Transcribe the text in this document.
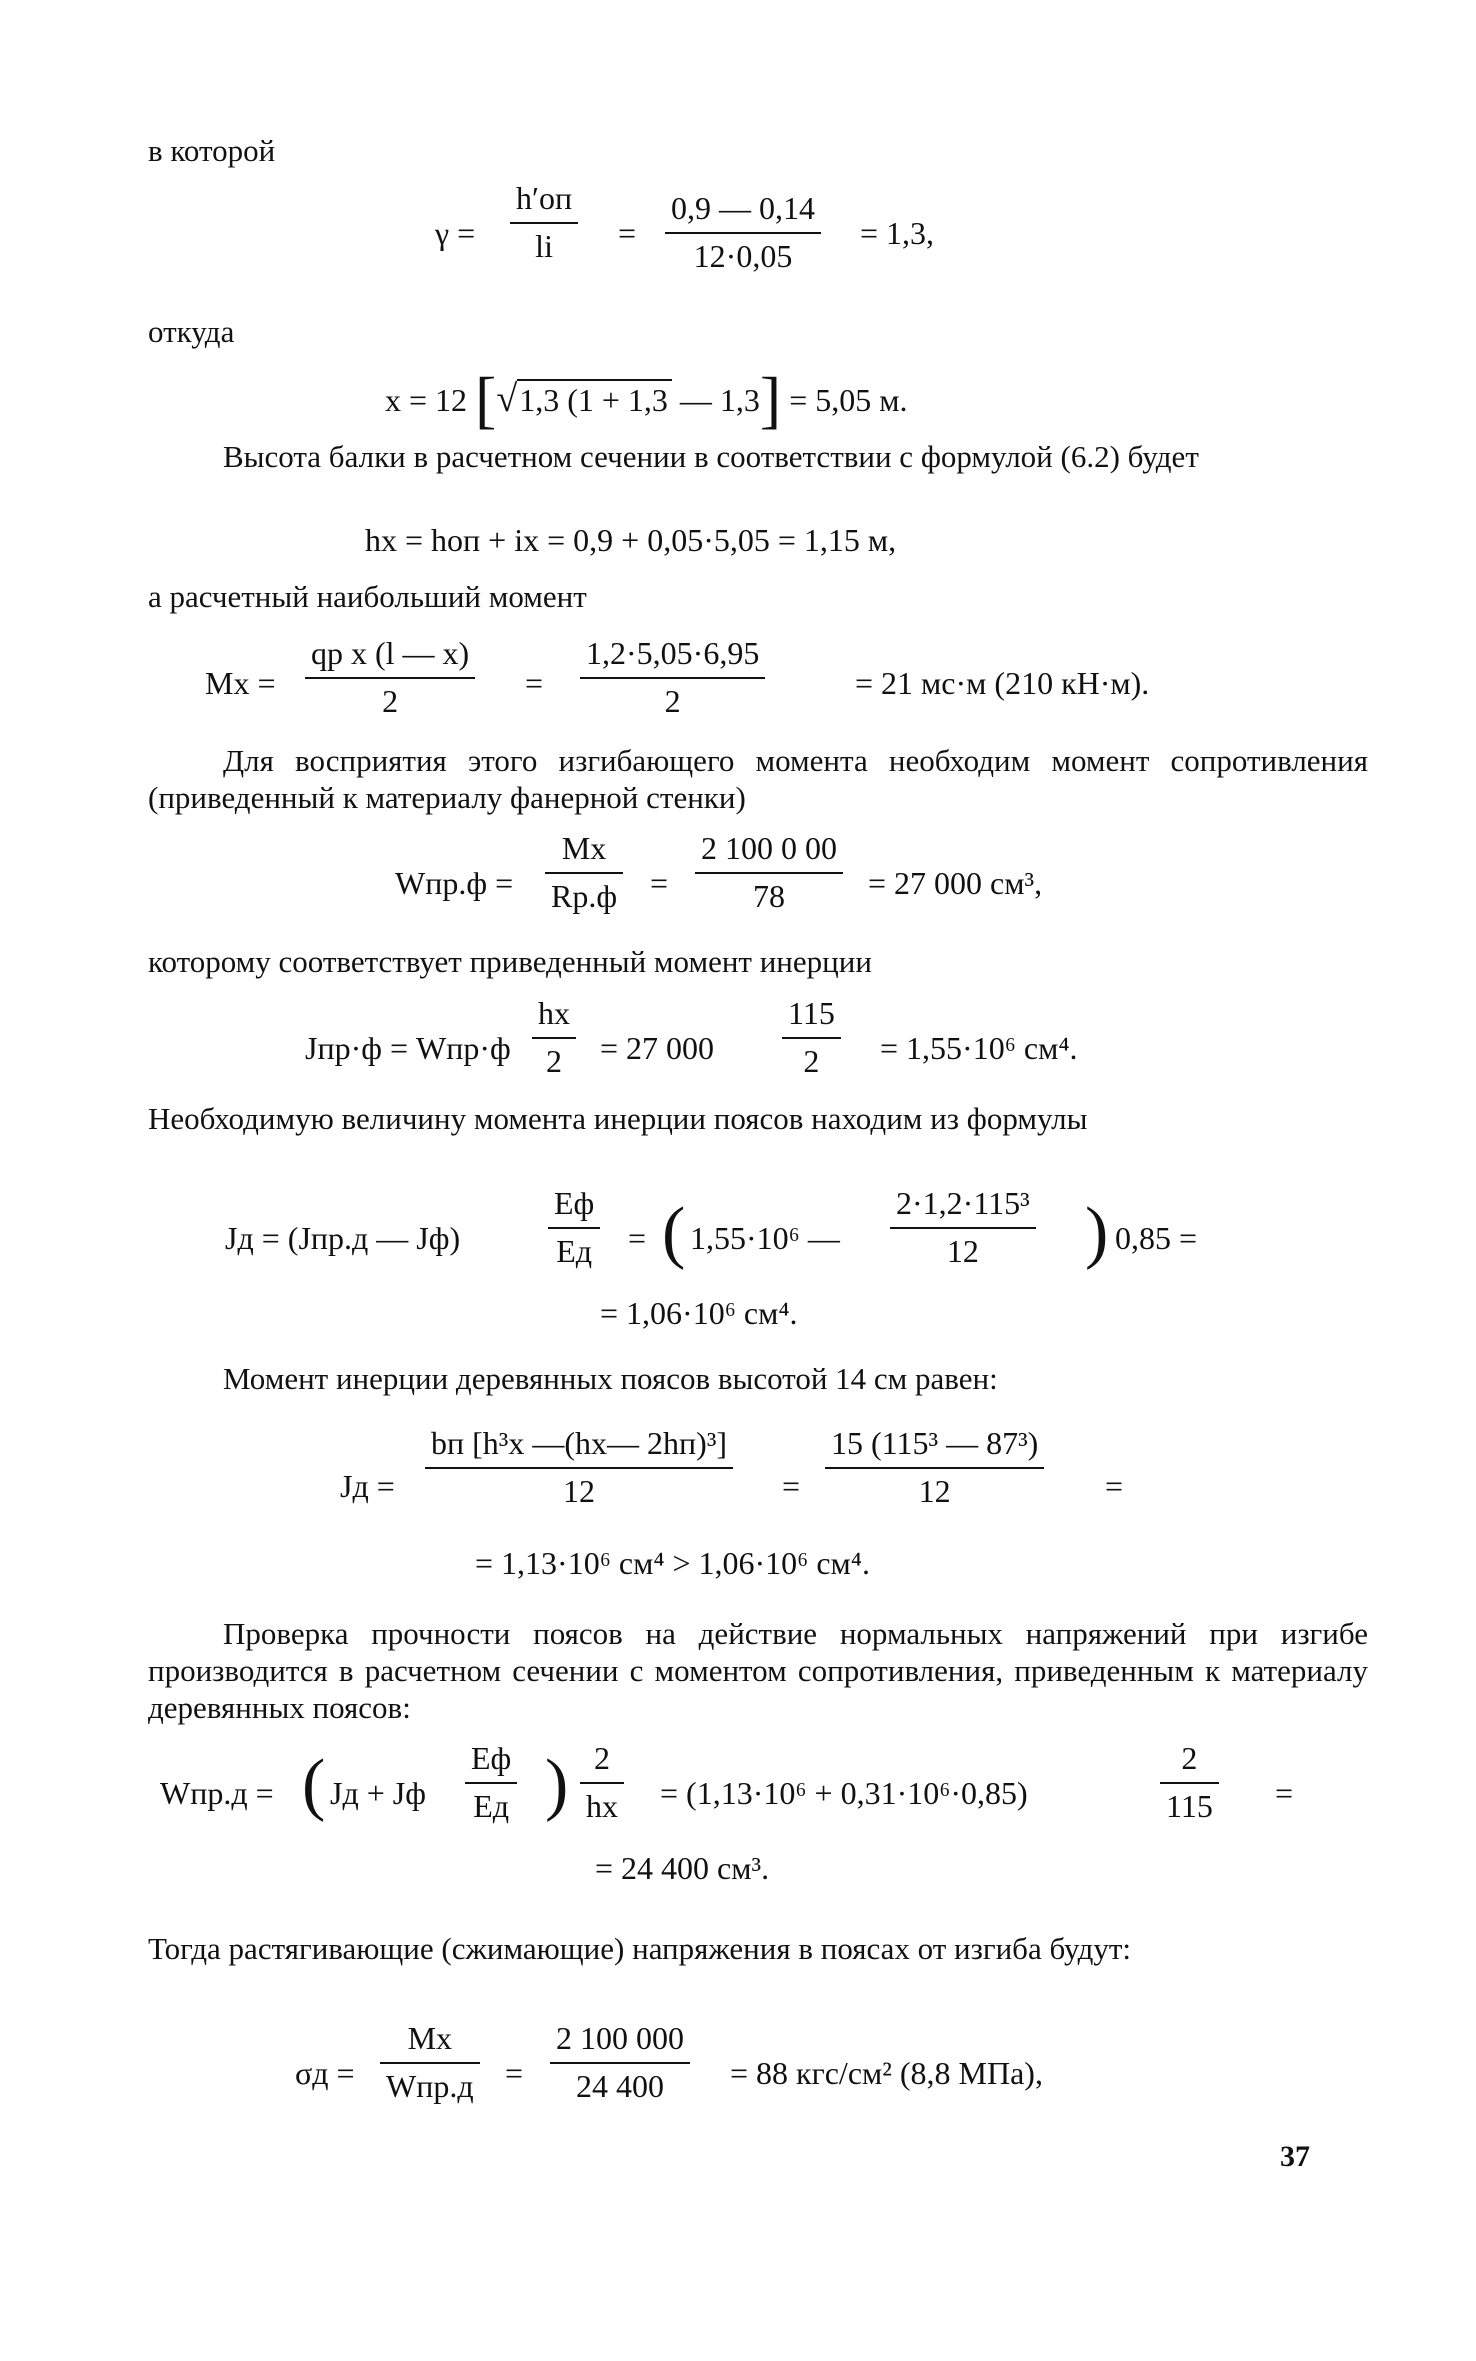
в которой

γ =
h′оп
li =
0,9 — 0,14
12·0,05
= 1,3,

откуда

x = 12 [√1,3 (1 + 1,3 — 1,3] = 5,05 м.

Высота балки в расчетном сечении в соответствии с формулой (6.2) будет

hx = hоп + ix = 0,9 + 0,05·5,05 = 1,15 м,

а расчетный наибольший момент

Mx =
qp x (l — x)
2	=
1,2·5,05·6,95
2	= 21 мс·м (210 кН·м).

Для восприятия этого изгибающего момента необходим момент сопротивления (приведенный к материалу фанерной стенки)

Wпр.ф =
Mx
Rр.ф =
2 100 0 00
78	= 27 000 см³,

которому соответствует приведенный момент инерции

Jпр·ф = Wпр·ф
hx
2 = 27 000
115
2 = 1,55·10⁶ см⁴.

Необходимую величину момента инерции поясов находим из формулы

Jд = (Jпр.д — Jф)
Eф
Eд = ( 1,55·10⁶ —
2·1,2·115³
12 ) 0,85 =
= 1,06·10⁶ см⁴.

Момент инерции деревянных поясов высотой 14 см равен:

Jд =
bп [h³x —(hx— 2hп)³]
12	=
15 (115³ — 87³)
12	=
= 1,13·10⁶ см⁴ > 1,06·10⁶ см⁴.

Проверка прочности поясов на действие нормальных напряжений при изгибе производится в расчетном сечении с моментом сопротивления, приведенным к материалу деревянных поясов:

Wпр.д = ( Jд + Jф
Eф
Eд ) 2
hx = (1,13·10⁶ + 0,31·10⁶·0,85)
2
115 =
= 24 400 см³.

Тогда растягивающие (сжимающие) напряжения в поясах от изгиба будут:

σд =
Mx
Wпр.д =
2 100 000
24 400 = 88 кгс/см² (8,8 МПа),
37
